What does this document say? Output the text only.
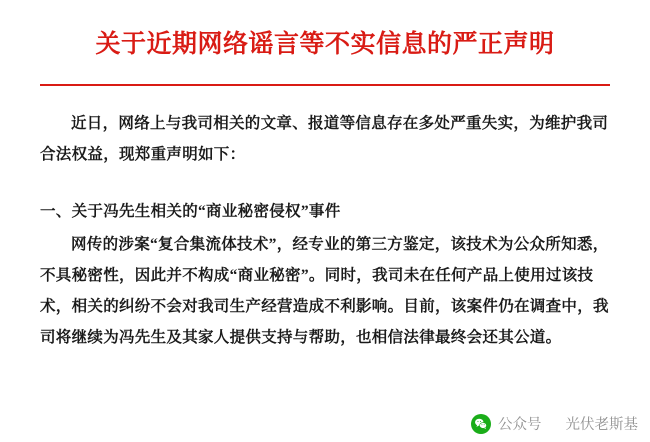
关于近期网络谣言等不实信息的严正声明

近日，网络上与我司相关的文章、报道等信息存在多处严重失实，为维护我司合法权益，现郑重声明如下：

一、关于冯先生相关的“商业秘密侵权”事件

网传的涉案“复合集流体技术”，经专业的第三方鉴定，该技术为公众所知悉，不具秘密性，因此并不构成“商业秘密”。同时，我司未在任何产品上使用过该技术，相关的纠纷不会对我司生产经营造成不利影响。目前，该案件仍在调查中，我司将继续为冯先生及其家人提供支持与帮助，也相信法律最终会还其公道。

公众号 光伏老斯基
